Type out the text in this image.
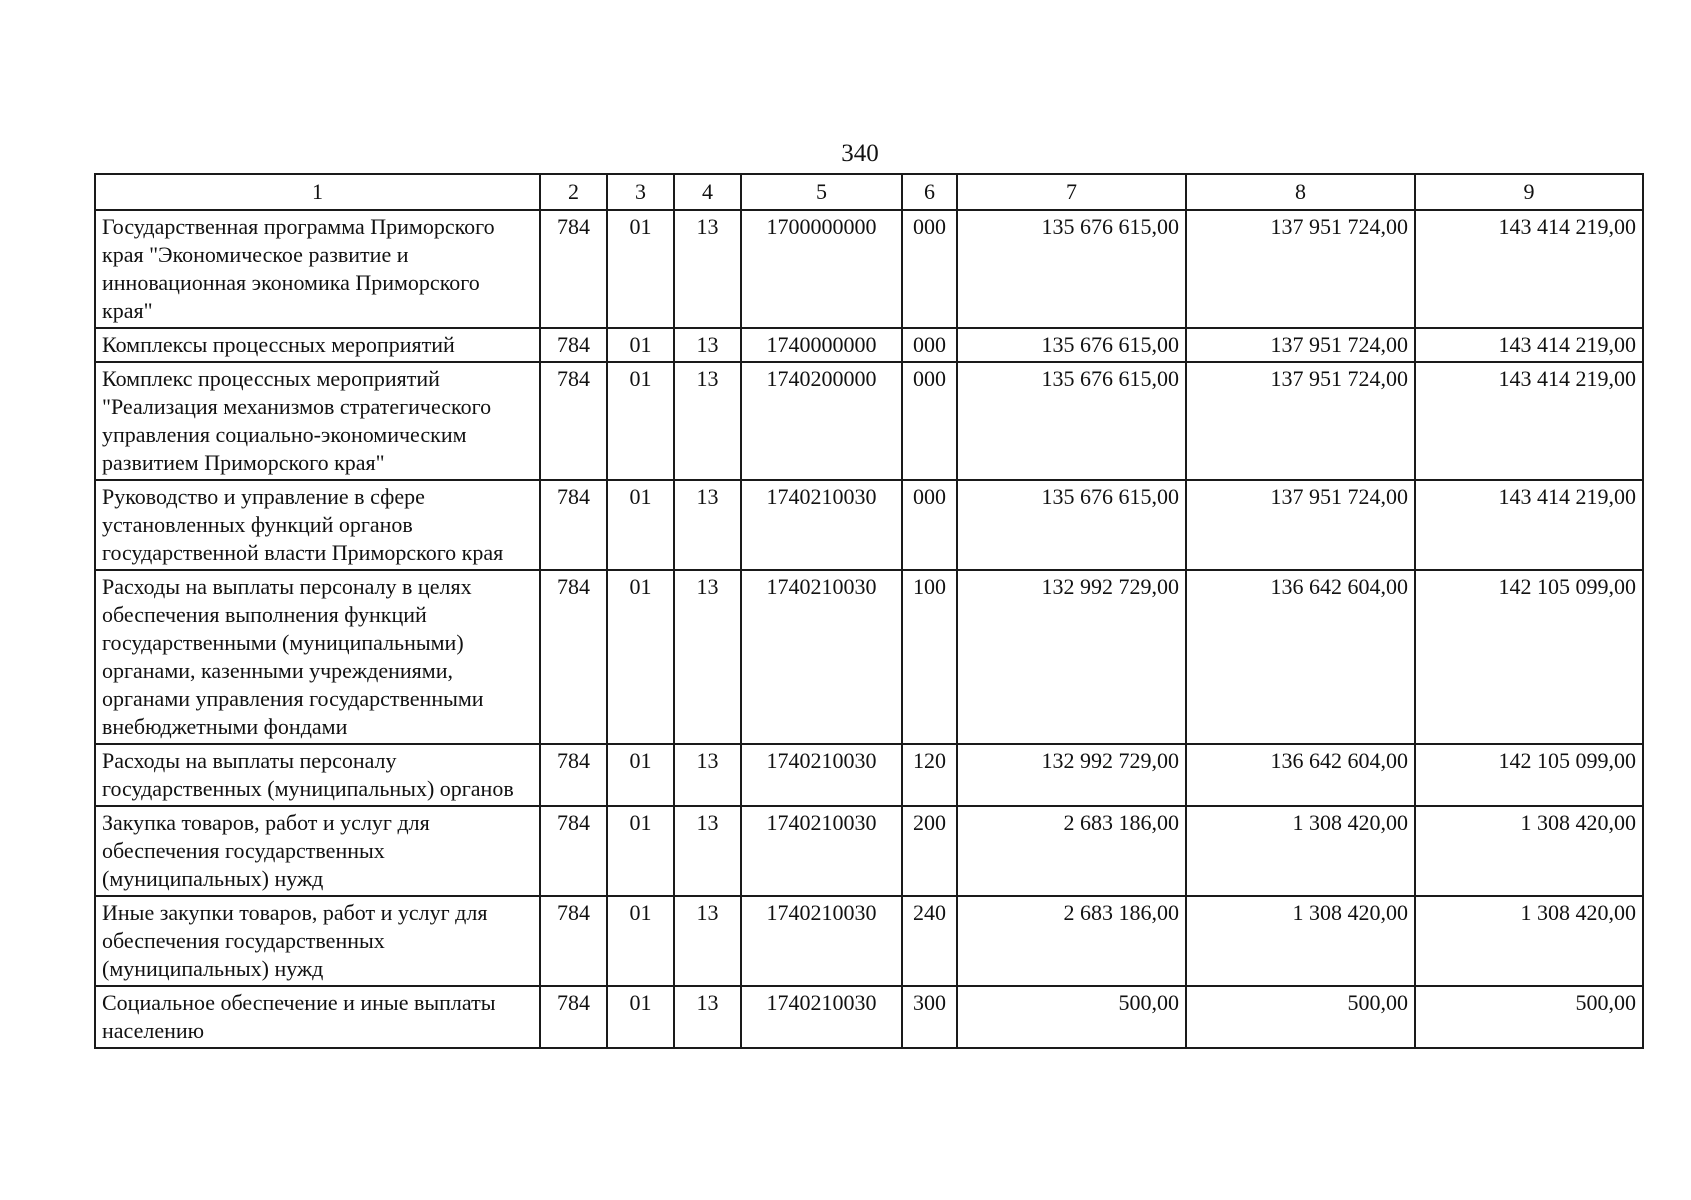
340
1	2	3	4	5	6	7	8	9
Государственная программа Приморского края "Экономическое развитие и инновационная экономика Приморского края"	784	01	13	1700000000	000	135 676 615,00	137 951 724,00	143 414 219,00
Комплексы процессных мероприятий	784	01	13	1740000000	000	135 676 615,00	137 951 724,00	143 414 219,00
Комплекс процессных мероприятий "Реализация механизмов стратегического управления социально-экономическим развитием Приморского края"	784	01	13	1740200000	000	135 676 615,00	137 951 724,00	143 414 219,00
Руководство и управление в сфере установленных функций органов государственной власти Приморского края	784	01	13	1740210030	000	135 676 615,00	137 951 724,00	143 414 219,00
Расходы на выплаты персоналу в целях обеспечения выполнения функций государственными (муниципальными) органами, казенными учреждениями, органами управления государственными внебюджетными фондами	784	01	13	1740210030	100	132 992 729,00	136 642 604,00	142 105 099,00
Расходы на выплаты персоналу государственных (муниципальных) органов	784	01	13	1740210030	120	132 992 729,00	136 642 604,00	142 105 099,00
Закупка товаров, работ и услуг для обеспечения государственных (муниципальных) нужд	784	01	13	1740210030	200	2 683 186,00	1 308 420,00	1 308 420,00
Иные закупки товаров, работ и услуг для обеспечения государственных (муниципальных) нужд	784	01	13	1740210030	240	2 683 186,00	1 308 420,00	1 308 420,00
Социальное обеспечение и иные выплаты населению	784	01	13	1740210030	300	500,00	500,00	500,00
